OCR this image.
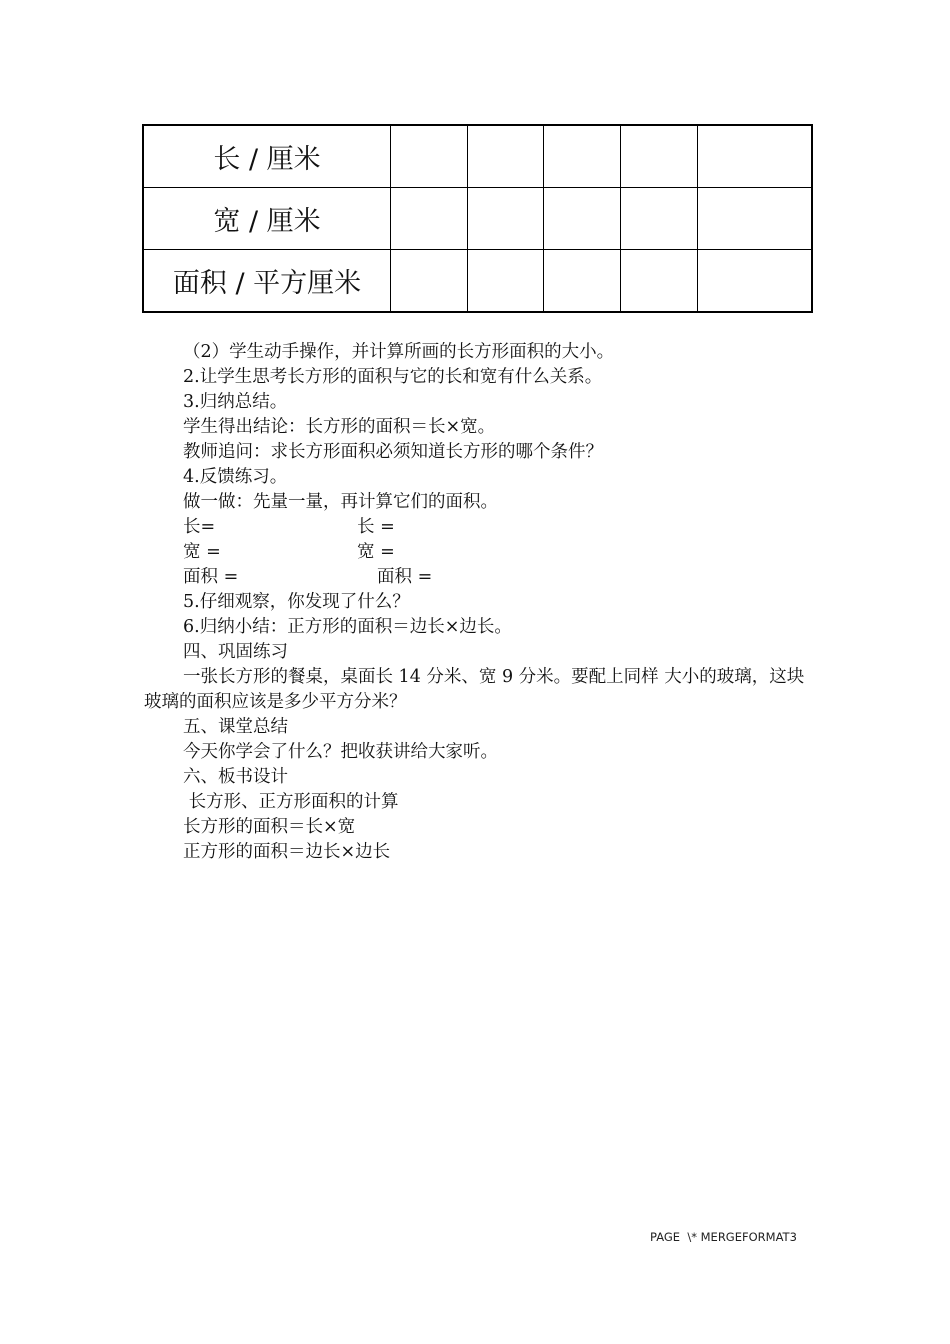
长 / 厘米					
宽 / 厘米					
面积 / 平方厘米					
（2）学生动手操作，并计算所画的长方形面积的大小。
2.让学生思考长方形的面积与它的长和宽有什么关系。
3.归纳总结。
学生得出结论：长方形的面积＝长×宽。
教师追问：求长方形面积必须知道长方形的哪个条件？
4.反馈练习。
做一做：先量一量，再计算它们的面积。
长=	长 =
宽 =	宽 =
面积 =	面积 =
5.仔细观察，你发现了什么？
6.归纳小结：正方形的面积＝边长×边长。
四、巩固练习
一张长方形的餐桌，桌面长 14 分米、宽 9 分米。要配上同样 大小的玻璃，这块玻璃的面积应该是多少平方分米？
五、课堂总结
今天你学会了什么？把收获讲给大家听。
六、板书设计
长方形、正方形面积的计算
长方形的面积＝长×宽
正方形的面积＝边长×边长
PAGE  \* MERGEFORMAT3
